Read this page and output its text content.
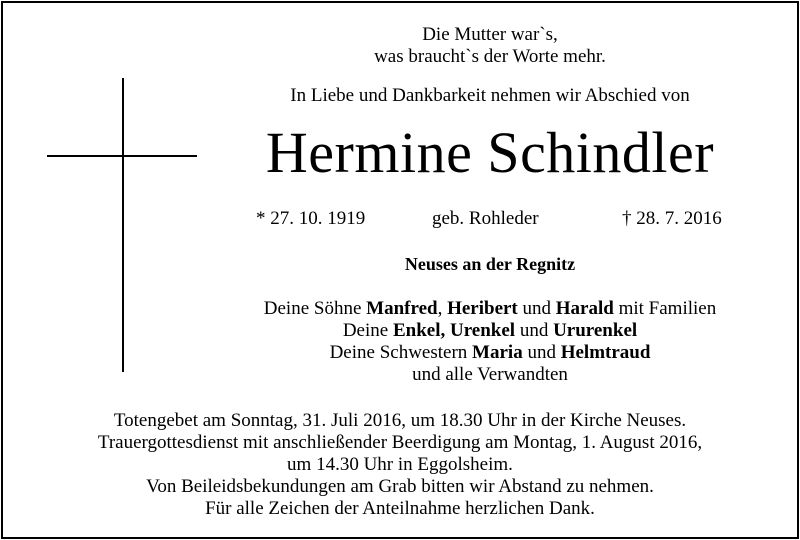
Die Mutter war`s,
was braucht`s der Worte mehr.
In Liebe und Dankbarkeit nehmen wir Abschied von
Hermine Schindler
* 27. 10. 1919	geb. Rohleder	† 28. 7. 2016
Neuses an der Regnitz
Deine Söhne Manfred, Heribert und Harald mit Familien
Deine Enkel, Urenkel und Ururenkel
Deine Schwestern Maria und Helmtraud
und alle Verwandten
Totengebet am Sonntag, 31. Juli 2016, um 18.30 Uhr in der Kirche Neuses.
Trauergottesdienst mit anschließender Beerdigung am Montag, 1. August 2016,
um 14.30 Uhr in Eggolsheim.
Von Beileidsbekundungen am Grab bitten wir Abstand zu nehmen.
Für alle Zeichen der Anteilnahme herzlichen Dank.
